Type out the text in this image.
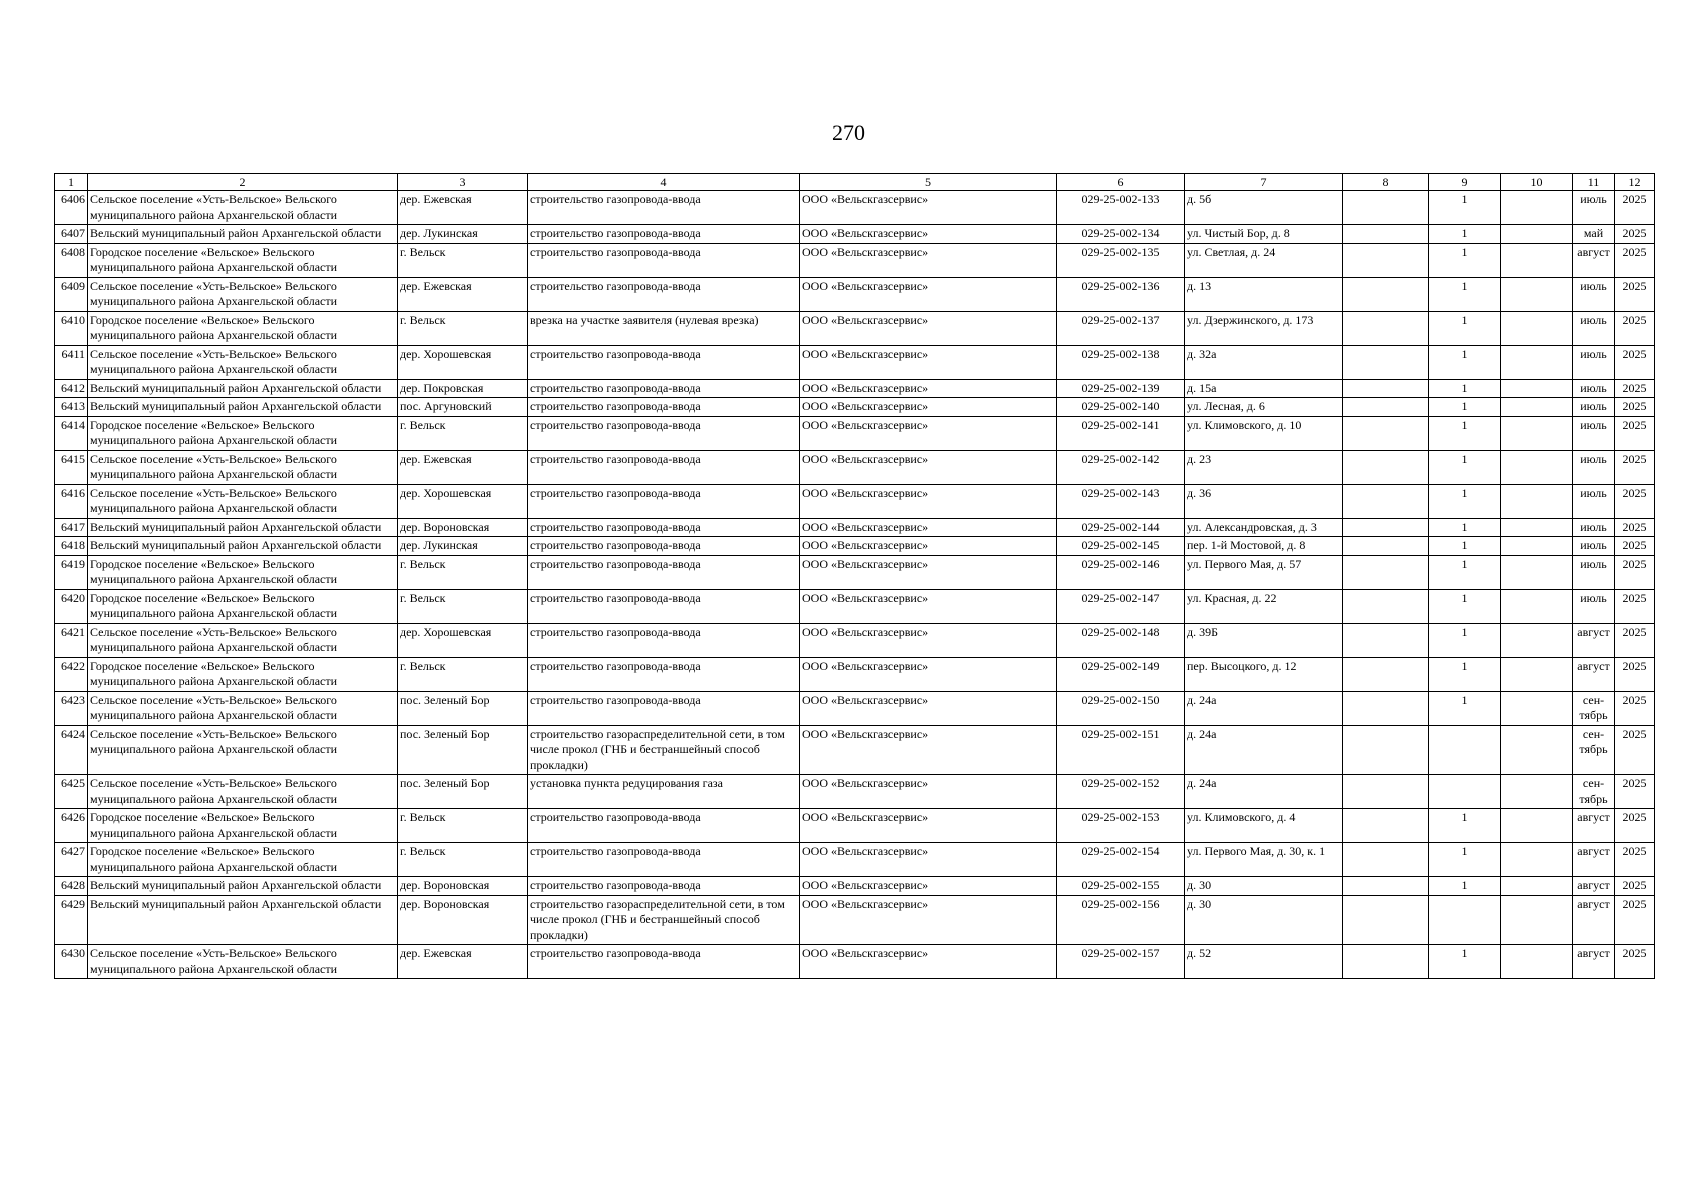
270
1	2	3	4	5	6	7	8	9	10	11	12
6406	Сельское поселение «Усть-Вельское» Вельского муниципального района Архангельской области	дер. Ежевская	строительство газопровода-ввода	ООО «Вельскгазсервис»	029-25-002-133	д. 5б		1		июль	2025
6407	Вельский муниципальный район Архангельской области	дер. Лукинская	строительство газопровода-ввода	ООО «Вельскгазсервис»	029-25-002-134	ул. Чистый Бор, д. 8		1		май	2025
6408	Городское поселение «Вельское» Вельского муниципального района Архангельской области	г. Вельск	строительство газопровода-ввода	ООО «Вельскгазсервис»	029-25-002-135	ул. Светлая, д. 24		1		август	2025
6409	Сельское поселение «Усть-Вельское» Вельского муниципального района Архангельской области	дер. Ежевская	строительство газопровода-ввода	ООО «Вельскгазсервис»	029-25-002-136	д. 13		1		июль	2025
6410	Городское поселение «Вельское» Вельского муниципального района Архангельской области	г. Вельск	врезка на участке заявителя (нулевая врезка)	ООО «Вельскгазсервис»	029-25-002-137	ул. Дзержинского, д. 173		1		июль	2025
6411	Сельское поселение «Усть-Вельское» Вельского муниципального района Архангельской области	дер. Хорошевская	строительство газопровода-ввода	ООО «Вельскгазсервис»	029-25-002-138	д. 32а		1		июль	2025
6412	Вельский муниципальный район Архангельской области	дер. Покровская	строительство газопровода-ввода	ООО «Вельскгазсервис»	029-25-002-139	д. 15а		1		июль	2025
6413	Вельский муниципальный район Архангельской области	пос. Аргуновский	строительство газопровода-ввода	ООО «Вельскгазсервис»	029-25-002-140	ул. Лесная, д. 6		1		июль	2025
6414	Городское поселение «Вельское» Вельского муниципального района Архангельской области	г. Вельск	строительство газопровода-ввода	ООО «Вельскгазсервис»	029-25-002-141	ул. Климовского, д. 10		1		июль	2025
6415	Сельское поселение «Усть-Вельское» Вельского муниципального района Архангельской области	дер. Ежевская	строительство газопровода-ввода	ООО «Вельскгазсервис»	029-25-002-142	д. 23		1		июль	2025
6416	Сельское поселение «Усть-Вельское» Вельского муниципального района Архангельской области	дер. Хорошевская	строительство газопровода-ввода	ООО «Вельскгазсервис»	029-25-002-143	д. 36		1		июль	2025
6417	Вельский муниципальный район Архангельской области	дер. Вороновская	строительство газопровода-ввода	ООО «Вельскгазсервис»	029-25-002-144	ул. Александровская, д. 3		1		июль	2025
6418	Вельский муниципальный район Архангельской области	дер. Лукинская	строительство газопровода-ввода	ООО «Вельскгазсервис»	029-25-002-145	пер. 1-й Мостовой, д. 8		1		июль	2025
6419	Городское поселение «Вельское» Вельского муниципального района Архангельской области	г. Вельск	строительство газопровода-ввода	ООО «Вельскгазсервис»	029-25-002-146	ул. Первого Мая, д. 57		1		июль	2025
6420	Городское поселение «Вельское» Вельского муниципального района Архангельской области	г. Вельск	строительство газопровода-ввода	ООО «Вельскгазсервис»	029-25-002-147	ул. Красная, д. 22		1		июль	2025
6421	Сельское поселение «Усть-Вельское» Вельского муниципального района Архангельской области	дер. Хорошевская	строительство газопровода-ввода	ООО «Вельскгазсервис»	029-25-002-148	д. 39Б		1		август	2025
6422	Городское поселение «Вельское» Вельского муниципального района Архангельской области	г. Вельск	строительство газопровода-ввода	ООО «Вельскгазсервис»	029-25-002-149	пер. Высоцкого, д. 12		1		август	2025
6423	Сельское поселение «Усть-Вельское» Вельского муниципального района Архангельской области	пос. Зеленый Бор	строительство газопровода-ввода	ООО «Вельскгазсервис»	029-25-002-150	д. 24а		1		сен-тябрь	2025
6424	Сельское поселение «Усть-Вельское» Вельского муниципального района Архангельской области	пос. Зеленый Бор	строительство газораспределительной сети, в том числе прокол (ГНБ и бестраншейный способ прокладки)	ООО «Вельскгазсервис»	029-25-002-151	д. 24а				сен-тябрь	2025
6425	Сельское поселение «Усть-Вельское» Вельского муниципального района Архангельской области	пос. Зеленый Бор	установка пункта редуцирования газа	ООО «Вельскгазсервис»	029-25-002-152	д. 24а				сен-тябрь	2025
6426	Городское поселение «Вельское» Вельского муниципального района Архангельской области	г. Вельск	строительство газопровода-ввода	ООО «Вельскгазсервис»	029-25-002-153	ул. Климовского, д. 4		1		август	2025
6427	Городское поселение «Вельское» Вельского муниципального района Архангельской области	г. Вельск	строительство газопровода-ввода	ООО «Вельскгазсервис»	029-25-002-154	ул. Первого Мая, д. 30, к. 1		1		август	2025
6428	Вельский муниципальный район Архангельской области	дер. Вороновская	строительство газопровода-ввода	ООО «Вельскгазсервис»	029-25-002-155	д. 30		1		август	2025
6429	Вельский муниципальный район Архангельской области	дер. Вороновская	строительство газораспределительной сети, в том числе прокол (ГНБ и бестраншейный способ прокладки)	ООО «Вельскгазсервис»	029-25-002-156	д. 30				август	2025
6430	Сельское поселение «Усть-Вельское» Вельского муниципального района Архангельской области	дер. Ежевская	строительство газопровода-ввода	ООО «Вельскгазсервис»	029-25-002-157	д. 52		1		август	2025
